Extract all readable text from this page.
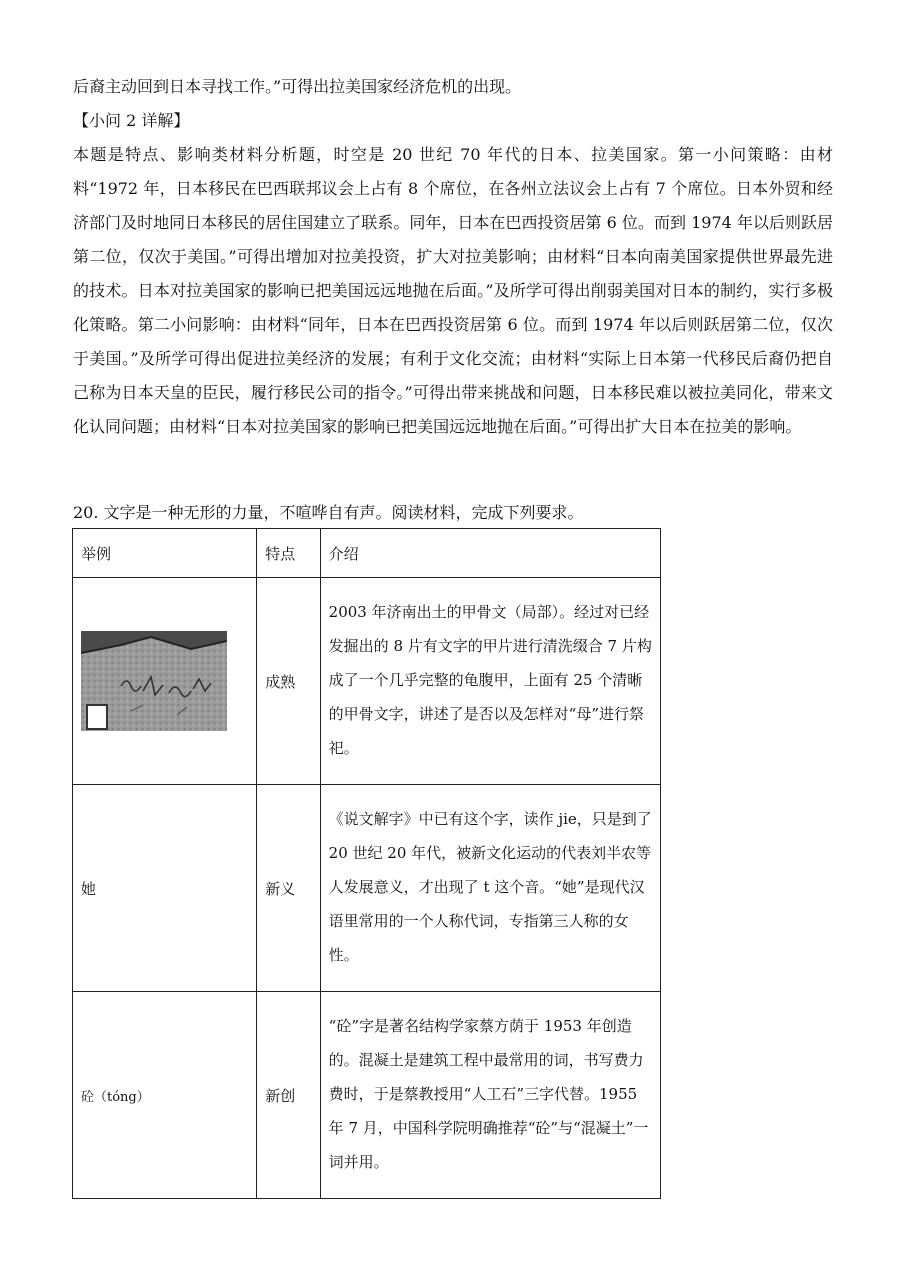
后裔主动回到日本寻找工作。”可得出拉美国家经济危机的出现。

【小问 2 详解】

本题是特点、影响类材料分析题，时空是 20 世纪 70 年代的日本、拉美国家。第一小问策略：由材料“1972 年，日本移民在巴西联邦议会上占有 8 个席位，在各州立法议会上占有 7 个席位。日本外贸和经济部门及时地同日本移民的居住国建立了联系。同年，日本在巴西投资居第 6 位。而到 1974 年以后则跃居第二位，仅次于美国。”可得出增加对拉美投资，扩大对拉美影响；由材料“日本向南美国家提供世界最先进的技术。日本对拉美国家的影响已把美国远远地抛在后面。”及所学可得出削弱美国对日本的制约，实行多极化策略。第二小问影响：由材料“同年，日本在巴西投资居第 6 位。而到 1974 年以后则跃居第二位，仅次于美国。”及所学可得出促进拉美经济的发展；有利于文化交流；由材料“实际上日本第一代移民后裔仍把自己称为日本天皇的臣民，履行移民公司的指令。”可得出带来挑战和问题，日本移民难以被拉美同化，带来文化认同问题；由材料“日本对拉美国家的影响已把美国远远地抛在后面。”可得出扩大日本在拉美的影响。

20. 文字是一种无形的力量，不喧哗自有声。阅读材料，完成下列要求。

举例	特点	介绍

	成熟	2003 年济南出土的甲骨文（局部）。经过对已经发掘出的 8 片有文字的甲片进行清洗缀合 7 片构成了一个几乎完整的龟腹甲，上面有 25 个清晰的甲骨文字，讲述了是否以及怎样对“母”进行祭祀。
她	新义	《说文解字》中已有这个字，读作 jie，只是到了 20 世纪 20 年代，被新文化运动的代表刘半农等人发展意义，才出现了 t 这个音。“她”是现代汉语里常用的一个人称代词，专指第三人称的女性。
砼（tóng）	新创	“砼”字是著名结构学家蔡方荫于 1953 年创造的。混凝土是建筑工程中最常用的词，书写费力费时，于是蔡教授用“人工石”三字代替。1955 年 7 月，中国科学院明确推荐“砼”与“混凝土”一词并用。
